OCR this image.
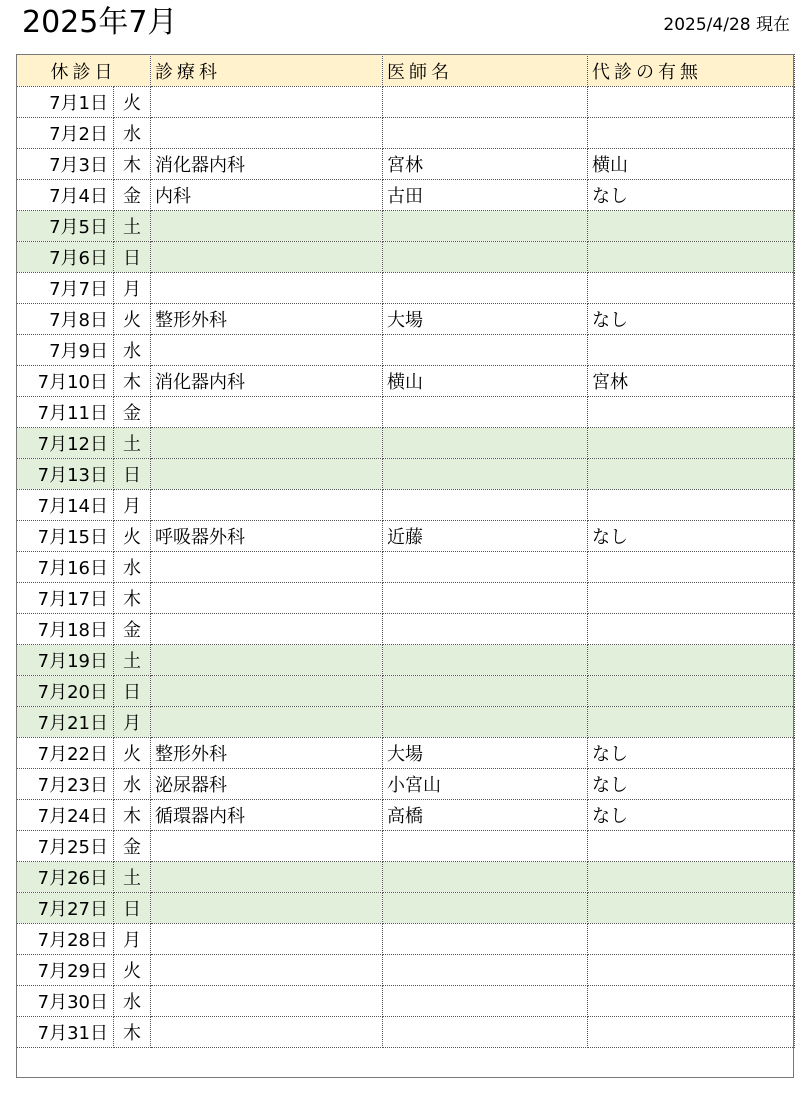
2025年7月	2025/4/28 現在
休診日		診療科	医師名	代診の有無
7月1日	火			
7月2日	水			
7月3日	木	消化器内科	宮林	横山
7月4日	金	内科	古田	なし
7月5日	土			
7月6日	日			
7月7日	月			
7月8日	火	整形外科	大場	なし
7月9日	水			
7月10日	木	消化器内科	横山	宮林
7月11日	金			
7月12日	土			
7月13日	日			
7月14日	月			
7月15日	火	呼吸器外科	近藤	なし
7月16日	水			
7月17日	木			
7月18日	金			
7月19日	土			
7月20日	日			
7月21日	月			
7月22日	火	整形外科	大場	なし
7月23日	水	泌尿器科	小宮山	なし
7月24日	木	循環器内科	高橋	なし
7月25日	金			
7月26日	土			
7月27日	日			
7月28日	月			
7月29日	火			
7月30日	水			
7月31日	木			
